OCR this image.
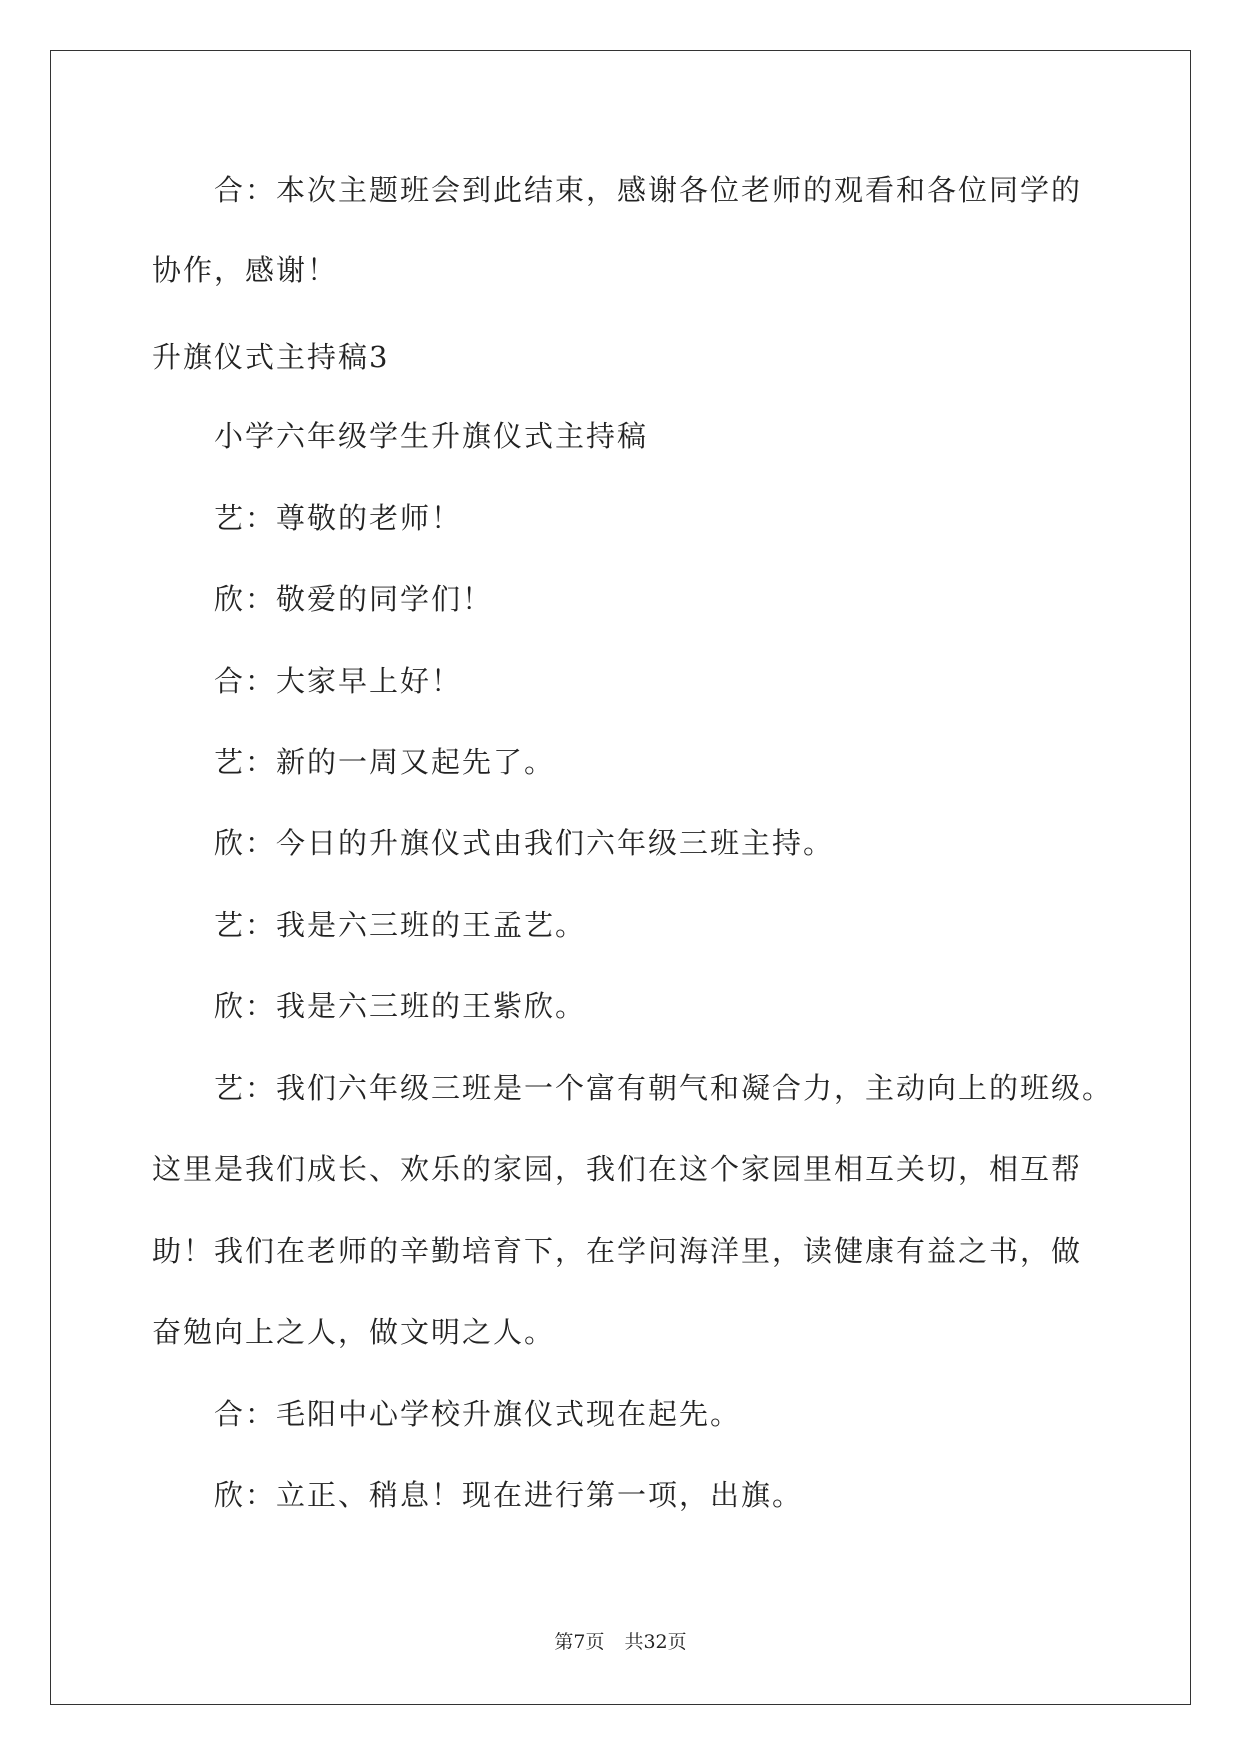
合：本次主题班会到此结束，感谢各位老师的观看和各位同学的
协作，感谢！
升旗仪式主持稿3
小学六年级学生升旗仪式主持稿
艺：尊敬的老师！
欣：敬爱的同学们！
合：大家早上好！
艺：新的一周又起先了。
欣：今日的升旗仪式由我们六年级三班主持。
艺：我是六三班的王孟艺。
欣：我是六三班的王紫欣。
艺：我们六年级三班是一个富有朝气和凝合力，主动向上的班级。
这里是我们成长、欢乐的家园，我们在这个家园里相互关切，相互帮
助！我们在老师的辛勤培育下，在学问海洋里，读健康有益之书，做
奋勉向上之人，做文明之人。
合：毛阳中心学校升旗仪式现在起先。
欣：立正、稍息！现在进行第一项，出旗。
第7页 共32页
